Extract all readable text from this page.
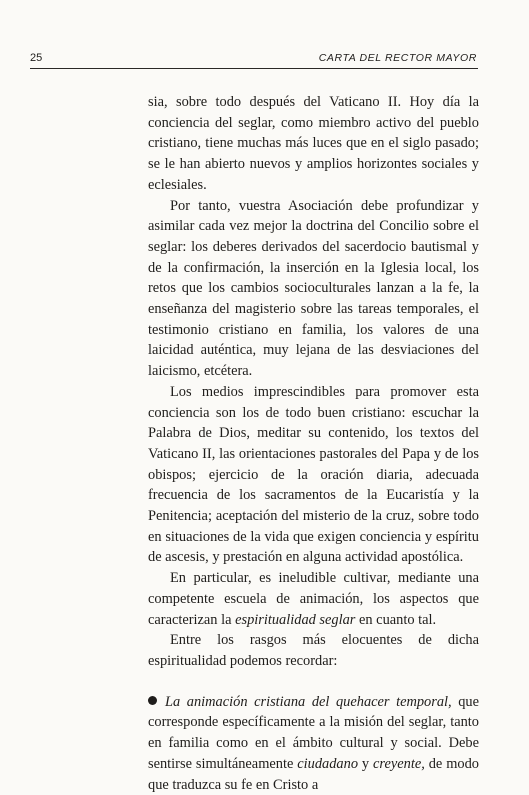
25	CARTA DEL RECTOR MAYOR

sia, sobre todo después del Vaticano II. Hoy día la conciencia del seglar, como miembro activo del pueblo cristiano, tiene muchas más luces que en el siglo pasado; se le han abierto nuevos y amplios horizontes sociales y eclesiales.

Por tanto, vuestra Asociación debe profundizar y asimilar cada vez mejor la doctrina del Concilio sobre el seglar: los deberes derivados del sacerdocio bautismal y de la confirmación, la inserción en la Iglesia local, los retos que los cambios socioculturales lanzan a la fe, la enseñanza del magisterio sobre las tareas temporales, el testimonio cristiano en familia, los valores de una laicidad auténtica, muy lejana de las desviaciones del laicismo, etcétera.

Los medios imprescindibles para promover esta conciencia son los de todo buen cristiano: escuchar la Palabra de Dios, meditar su contenido, los textos del Vaticano II, las orientaciones pastorales del Papa y de los obispos; ejercicio de la oración diaria, adecuada frecuencia de los sacramentos de la Eucaristía y la Penitencia; aceptación del misterio de la cruz, sobre todo en situaciones de la vida que exigen conciencia y espíritu de ascesis, y prestación en alguna actividad apostólica.

En particular, es ineludible cultivar, mediante una competente escuela de animación, los aspectos que caracterizan la espiritualidad seglar en cuanto tal.

Entre los rasgos más elocuentes de dicha espiritualidad podemos recordar:

La animación cristiana del quehacer temporal, que corresponde específicamente a la misión del seglar, tanto en familia como en el ámbito cultural y social. Debe sentirse simultáneamente ciudadano y creyente, de modo que traduzca su fe en Cristo a
